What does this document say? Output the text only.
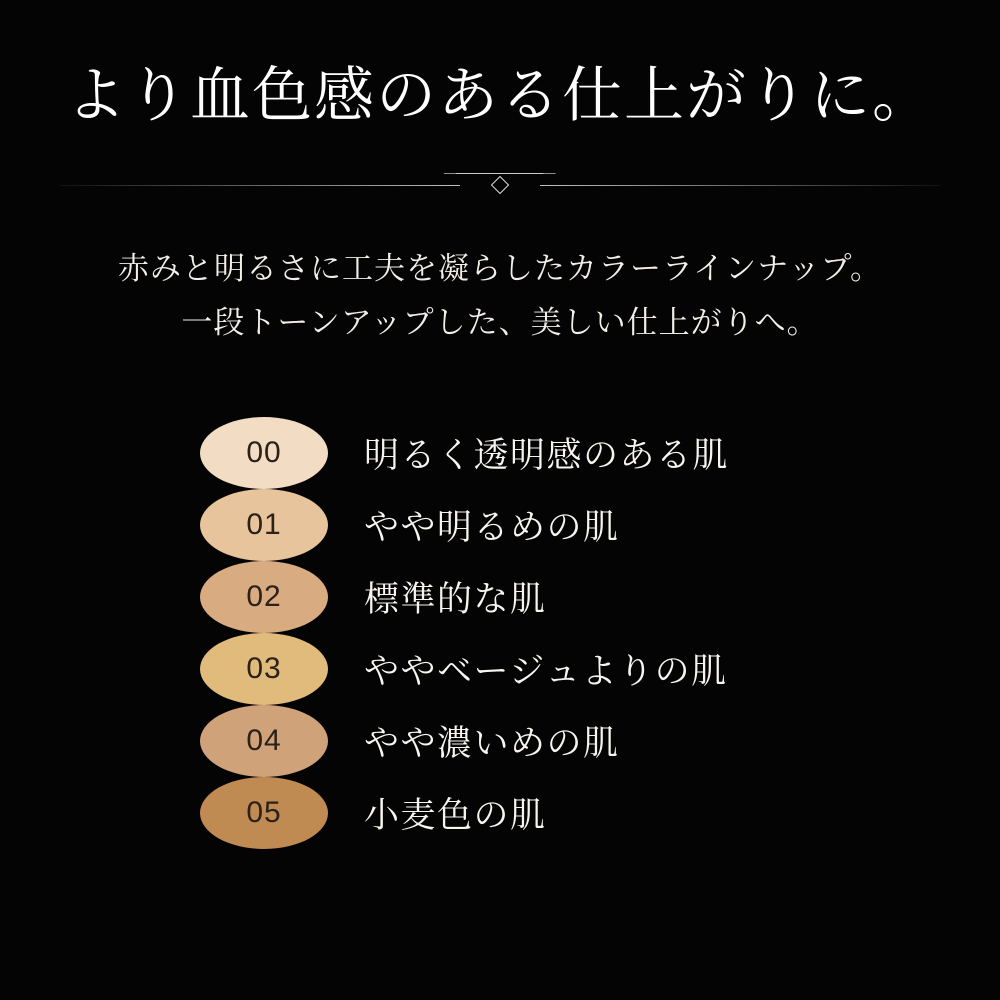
より血色感のある仕上がりに。
赤みと明るさに工夫を凝らしたカラーラインナップ。
一段トーンアップした、美しい仕上がりへ。
00 明るく透明感のある肌
01 やや明るめの肌
02 標準的な肌
03 ややベージュよりの肌
04 やや濃いめの肌
05 小麦色の肌
